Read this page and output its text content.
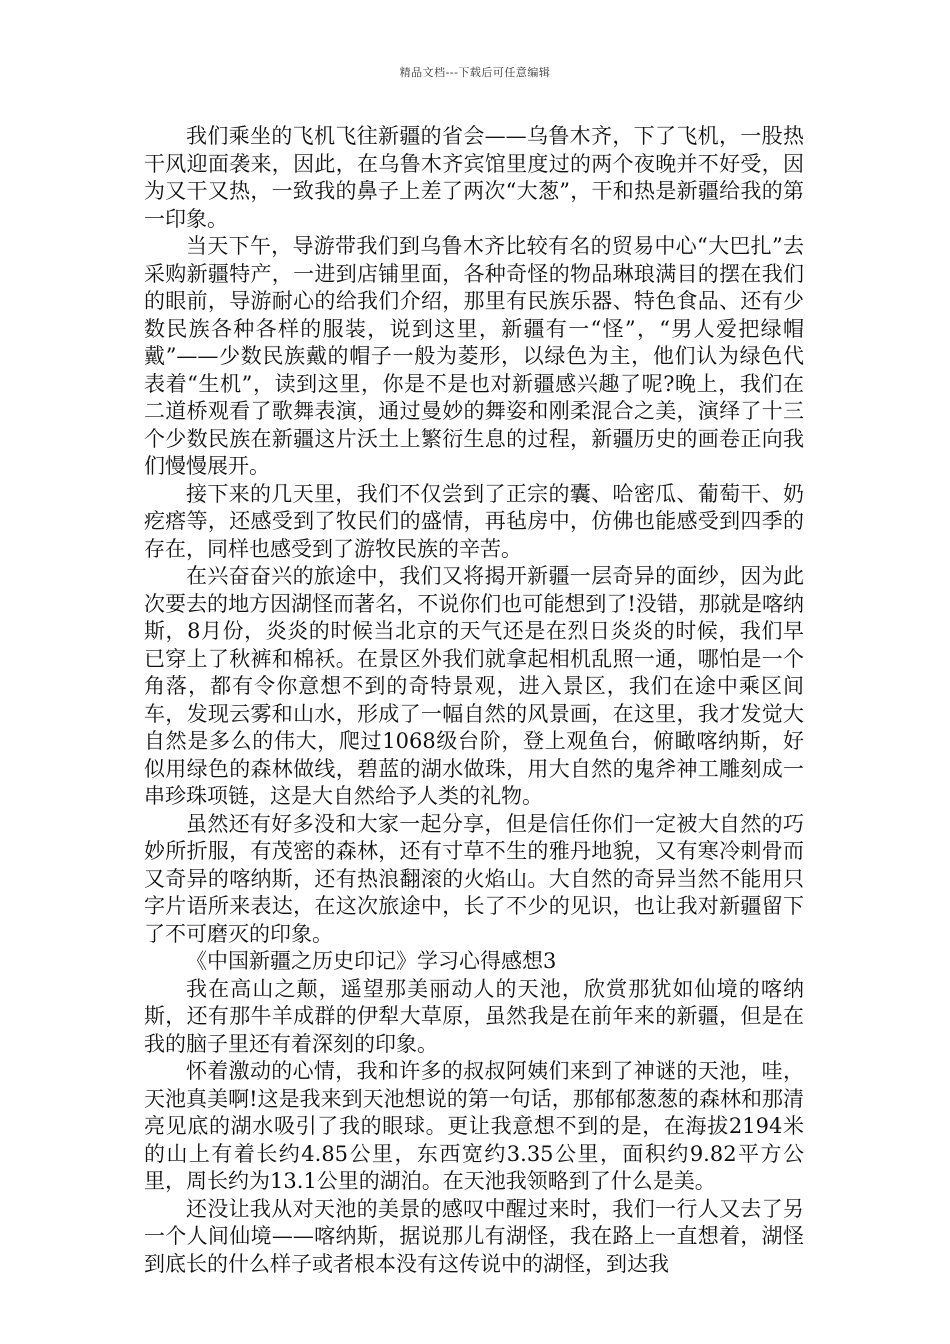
精品文档---下载后可任意编辑

我们乘坐的飞机飞往新疆的省会——乌鲁木齐，下了飞机，一股热干风迎面袭来，因此，在乌鲁木齐宾馆里度过的两个夜晚并不好受，因为又干又热，一致我的鼻子上差了两次“大葱”，干和热是新疆给我的第一印象。

当天下午，导游带我们到乌鲁木齐比较有名的贸易中心“大巴扎”去采购新疆特产，一进到店铺里面，各种奇怪的物品琳琅满目的摆在我们的眼前，导游耐心的给我们介绍，那里有民族乐器、特色食品、还有少数民族各种各样的服装，说到这里，新疆有一“怪”，“男人爱把绿帽戴”——少数民族戴的帽子一般为菱形，以绿色为主，他们认为绿色代表着“生机”，读到这里，你是不是也对新疆感兴趣了呢?晚上，我们在二道桥观看了歌舞表演，通过曼妙的舞姿和刚柔混合之美，演绎了十三个少数民族在新疆这片沃土上繁衍生息的过程，新疆历史的画卷正向我们慢慢展开。

接下来的几天里，我们不仅尝到了正宗的囊、哈密瓜、葡萄干、奶疙瘩等，还感受到了牧民们的盛情，再毡房中，仿佛也能感受到四季的存在，同样也感受到了游牧民族的辛苦。

在兴奋奋兴的旅途中，我们又将揭开新疆一层奇异的面纱，因为此次要去的地方因湖怪而著名，不说你们也可能想到了!没错，那就是喀纳斯，8月份，炎炎的时候当北京的天气还是在烈日炎炎的时候，我们早已穿上了秋裤和棉袄。在景区外我们就拿起相机乱照一通，哪怕是一个角落，都有令你意想不到的奇特景观，进入景区，我们在途中乘区间车，发现云雾和山水，形成了一幅自然的风景画，在这里，我才发觉大自然是多么的伟大，爬过1068级台阶，登上观鱼台，俯瞰喀纳斯，好似用绿色的森林做线，碧蓝的湖水做珠，用大自然的鬼斧神工雕刻成一串珍珠项链，这是大自然给予人类的礼物。

虽然还有好多没和大家一起分享，但是信任你们一定被大自然的巧妙所折服，有茂密的森林，还有寸草不生的雅丹地貌，又有寒冷刺骨而又奇异的喀纳斯，还有热浪翻滚的火焰山。大自然的奇异当然不能用只字片语所来表达，在这次旅途中，长了不少的见识，也让我对新疆留下了不可磨灭的印象。

《中国新疆之历史印记》学习心得感想3

我在高山之颠，遥望那美丽动人的天池，欣赏那犹如仙境的喀纳斯，还有那牛羊成群的伊犁大草原，虽然我是在前年来的新疆，但是在我的脑子里还有着深刻的印象。

怀着激动的心情，我和许多的叔叔阿姨们来到了神谜的天池，哇，天池真美啊!这是我来到天池想说的第一句话，那郁郁葱葱的森林和那清亮见底的湖水吸引了我的眼球。更让我意想不到的是，在海拔2194米的山上有着长约4.85公里，东西宽约3.35公里，面积约9.82平方公里，周长约为13.1公里的湖泊。在天池我领略到了什么是美。

还没让我从对天池的美景的感叹中醒过来时，我们一行人又去了另一个人间仙境——喀纳斯，据说那儿有湖怪，我在路上一直想着，湖怪到底长的什么样子或者根本没有这传说中的湖怪，到达我
